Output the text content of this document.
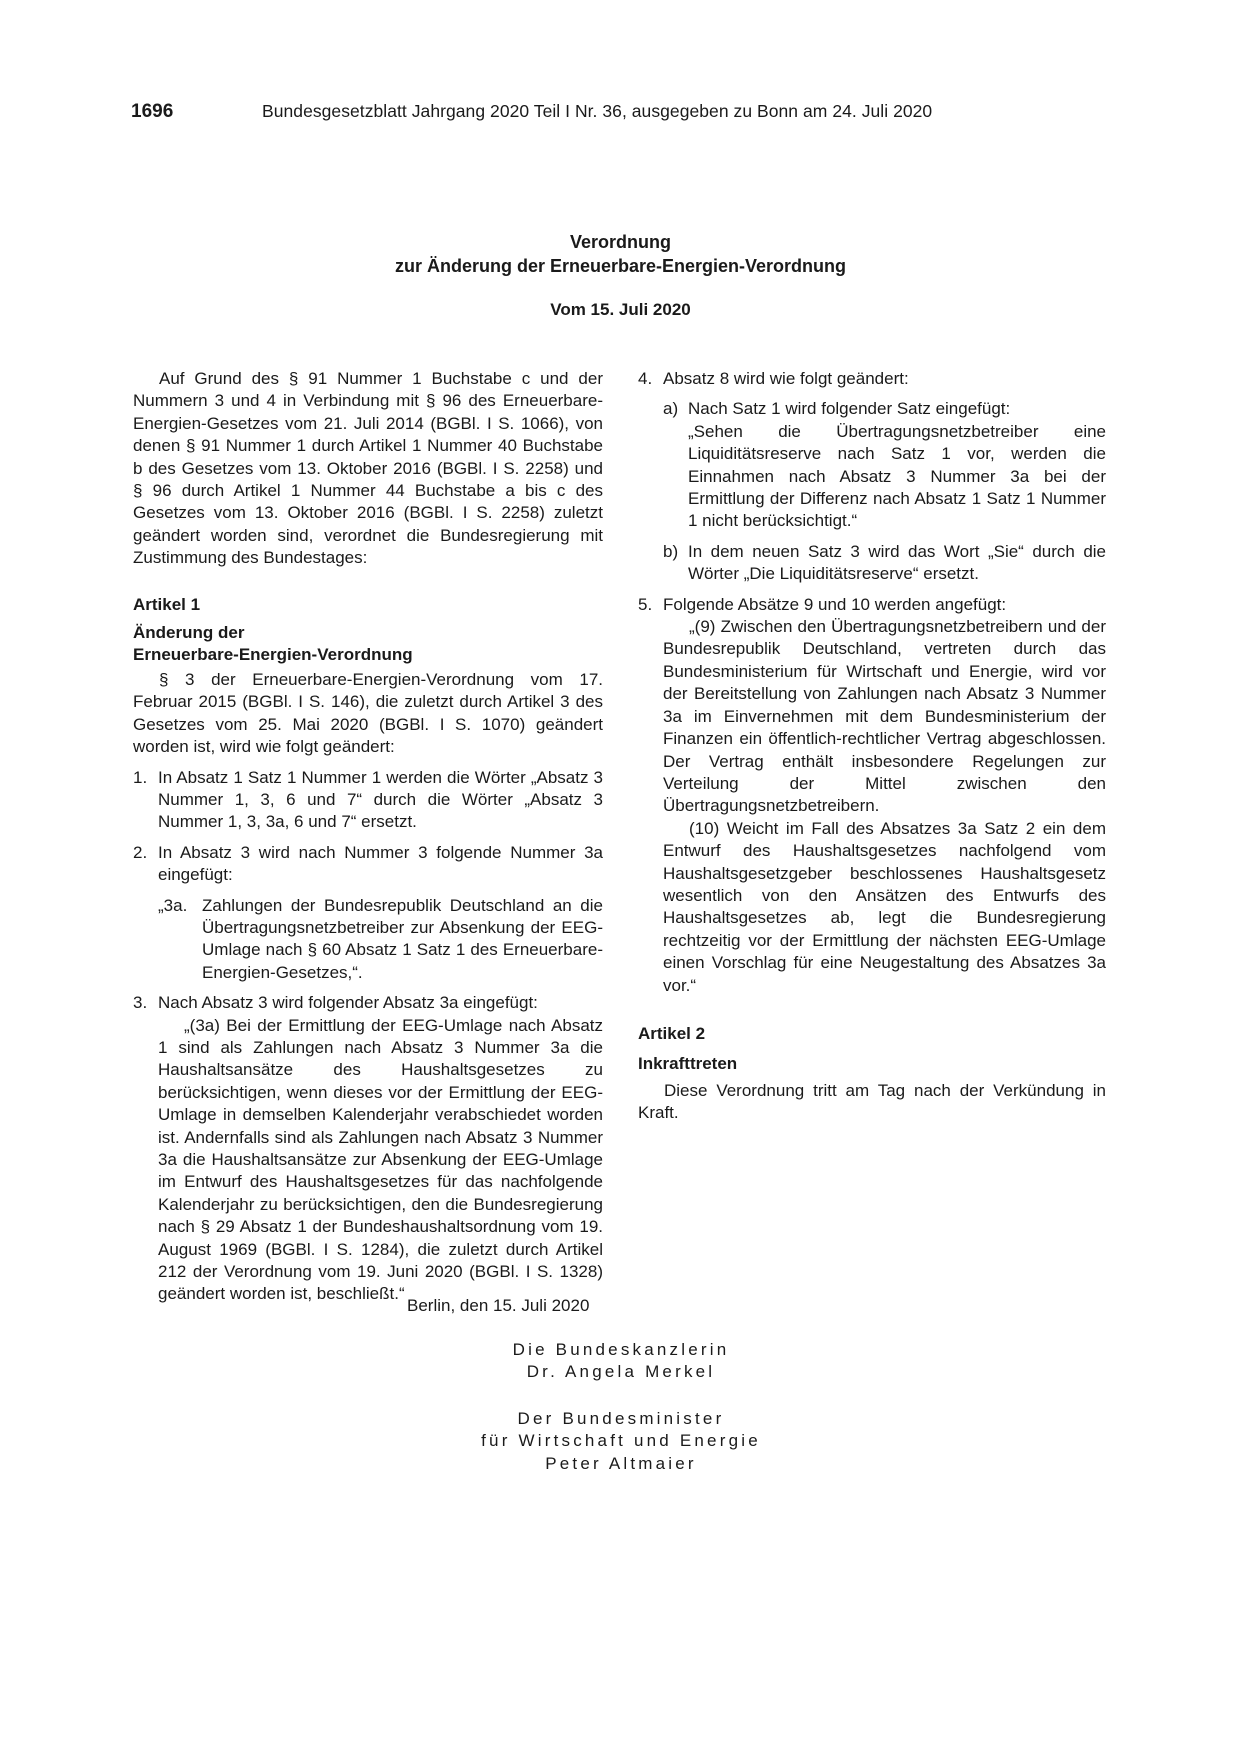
1696	Bundesgesetzblatt Jahrgang 2020 Teil I Nr. 36, ausgegeben zu Bonn am 24. Juli 2020
Verordnung
zur Änderung der Erneuerbare-Energien-Verordnung
Vom 15. Juli 2020

Auf Grund des § 91 Nummer 1 Buchstabe c und der Nummern 3 und 4 in Verbindung mit § 96 des Erneuerbare-Energien-Gesetzes vom 21. Juli 2014 (BGBl. I S. 1066), von denen § 91 Nummer 1 durch Artikel 1 Nummer 40 Buchstabe b des Gesetzes vom 13. Oktober 2016 (BGBl. I S. 2258) und § 96 durch Artikel 1 Nummer 44 Buchstabe a bis c des Gesetzes vom 13. Oktober 2016 (BGBl. I S. 2258) zuletzt geändert worden sind, verordnet die Bundesregierung mit Zustimmung des Bundestages:

Artikel 1

Änderung der

Erneuerbare-Energien-Verordnung

§ 3 der Erneuerbare-Energien-Verordnung vom 17. Februar 2015 (BGBl. I S. 146), die zuletzt durch Artikel 3 des Gesetzes vom 25. Mai 2020 (BGBl. I S. 1070) geändert worden ist, wird wie folgt geändert:

1. In Absatz 1 Satz 1 Nummer 1 werden die Wörter „Absatz 3 Nummer 1, 3, 6 und 7“ durch die Wörter „Absatz 3 Nummer 1, 3, 3a, 6 und 7“ ersetzt.
2. In Absatz 3 wird nach Nummer 3 folgende Nummer 3a eingefügt:
„3a. Zahlungen der Bundesrepublik Deutschland an die Übertragungsnetzbetreiber zur Absenkung der EEG-Umlage nach § 60 Absatz 1 Satz 1 des Erneuerbare-Energien-Gesetzes,“.
3. Nach Absatz 3 wird folgender Absatz 3a eingefügt:

„(3a) Bei der Ermittlung der EEG-Umlage nach Absatz 1 sind als Zahlungen nach Absatz 3 Nummer 3a die Haushaltsansätze des Haushaltsgesetzes zu berücksichtigen, wenn dieses vor der Ermittlung der EEG-Umlage in demselben Kalenderjahr verabschiedet worden ist. Andernfalls sind als Zahlungen nach Absatz 3 Nummer 3a die Haushaltsansätze zur Absenkung der EEG-Umlage im Entwurf des Haushaltsgesetzes für das nachfolgende Kalenderjahr zu berücksichtigen, den die Bundesregierung nach § 29 Absatz 1 der Bundeshaushaltsordnung vom 19. August 1969 (BGBl. I S. 1284), die zuletzt durch Artikel 212 der Verordnung vom 19. Juni 2020 (BGBl. I S. 1328) geändert worden ist, beschließt.“

4. Absatz 8 wird wie folgt geändert:
a) Nach Satz 1 wird folgender Satz eingefügt:

„Sehen die Übertragungsnetzbetreiber eine Liquiditätsreserve nach Satz 1 vor, werden die Einnahmen nach Absatz 3 Nummer 3a bei der Ermittlung der Differenz nach Absatz 1 Satz 1 Nummer 1 nicht berücksichtigt.“

b) In dem neuen Satz 3 wird das Wort „Sie“ durch die Wörter „Die Liquiditätsreserve“ ersetzt.
5. Folgende Absätze 9 und 10 werden angefügt:

„(9) Zwischen den Übertragungsnetzbetreibern und der Bundesrepublik Deutschland, vertreten durch das Bundesministerium für Wirtschaft und Energie, wird vor der Bereitstellung von Zahlungen nach Absatz 3 Nummer 3a im Einvernehmen mit dem Bundesministerium der Finanzen ein öffentlich-rechtlicher Vertrag abgeschlossen. Der Vertrag enthält insbesondere Regelungen zur Verteilung der Mittel zwischen den Übertragungsnetzbetreibern.

(10) Weicht im Fall des Absatzes 3a Satz 2 ein dem Entwurf des Haushaltsgesetzes nachfolgend vom Haushaltsgesetzgeber beschlossenes Haushaltsgesetz wesentlich von den Ansätzen des Entwurfs des Haushaltsgesetzes ab, legt die Bundesregierung rechtzeitig vor der Ermittlung der nächsten EEG-Umlage einen Vorschlag für eine Neugestaltung des Absatzes 3a vor.“

Artikel 2

Inkrafttreten

Diese Verordnung tritt am Tag nach der Verkündung in Kraft.

Berlin, den 15. Juli 2020
Die Bundeskanzlerin
Dr. Angela Merkel
Der Bundesminister
für Wirtschaft und Energie
Peter Altmaier
